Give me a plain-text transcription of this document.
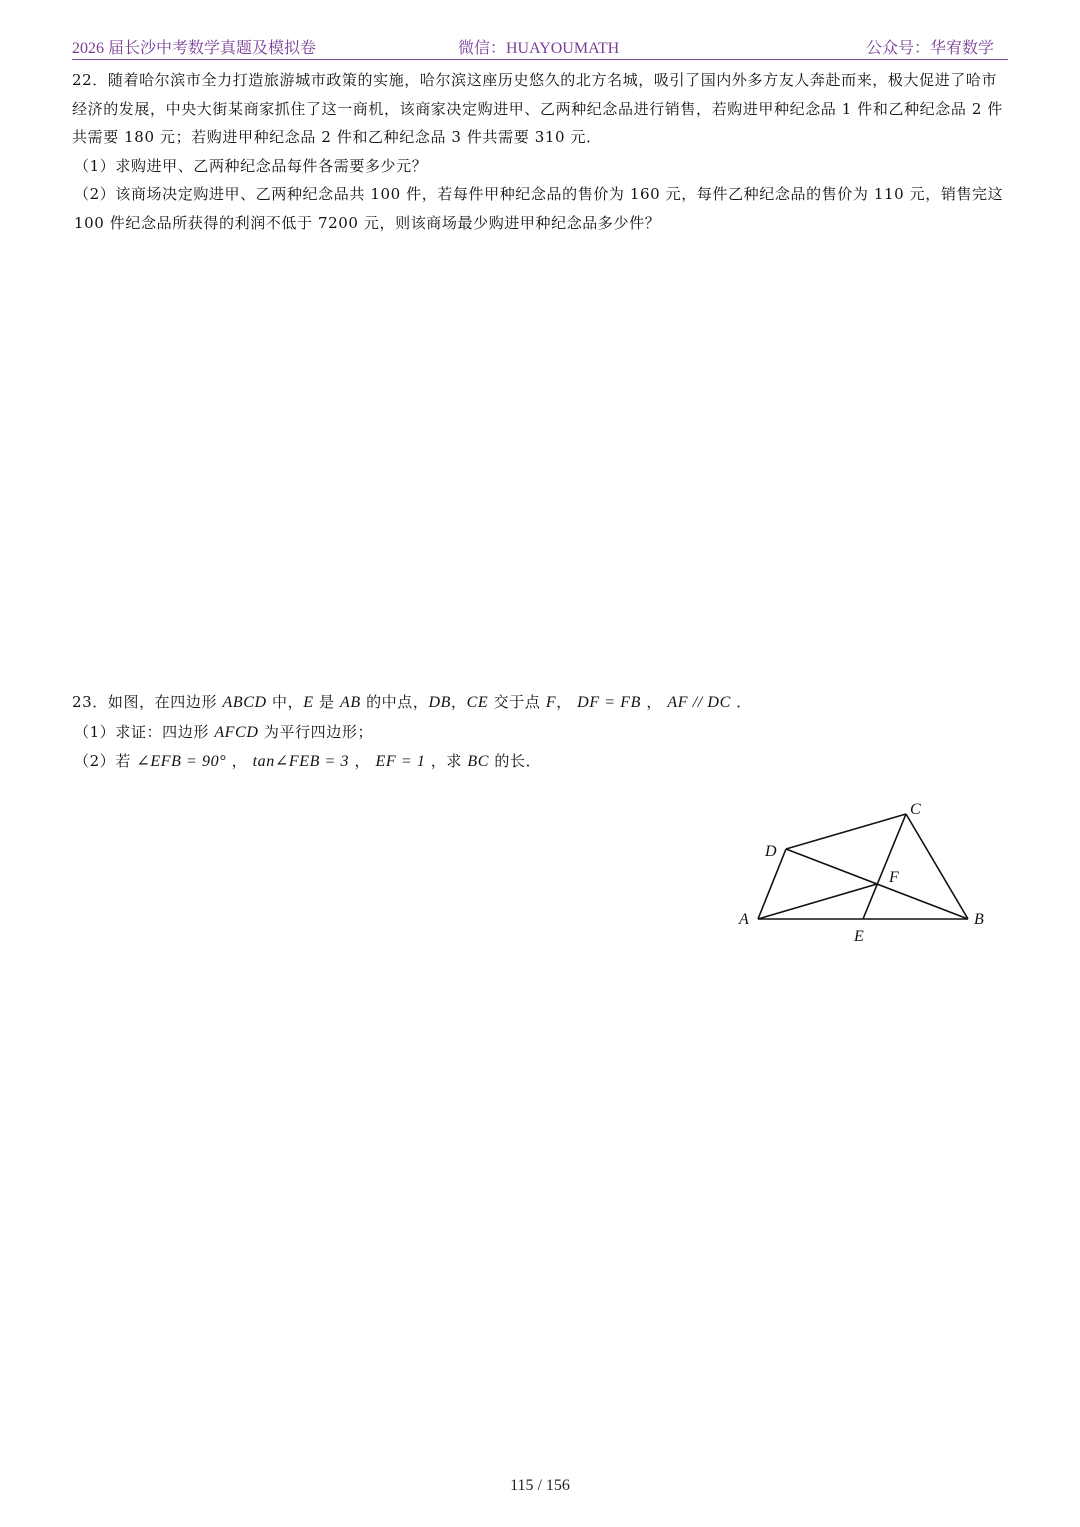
2026 届长沙中考数学真题及模拟卷	微信：HUAYOUMATH	公众号：华宥数学

22．随着哈尔滨市全力打造旅游城市政策的实施，哈尔滨这座历史悠久的北方名城，吸引了国内外多方友人奔赴而来，极大促进了哈市经济的发展，中央大街某商家抓住了这一商机，该商家决定购进甲、乙两种纪念品进行销售，若购进甲种纪念品 1 件和乙种纪念品 2 件共需要 180 元；若购进甲种纪念品 2 件和乙种纪念品 3 件共需要 310 元．

（1）求购进甲、乙两种纪念品每件各需要多少元？

（2）该商场决定购进甲、乙两种纪念品共 100 件，若每件甲种纪念品的售价为 160 元，每件乙种纪念品的售价为 110 元，销售完这 100 件纪念品所获得的利润不低于 7200 元，则该商场最少购进甲种纪念品多少件？

23．如图，在四边形 ABCD 中，E 是 AB 的中点，DB，CE 交于点 F， DF = FB ， AF // DC ．

（1）求证：四边形 AFCD 为平行四边形；

（2）若 ∠EFB = 90° ， tan∠FEB = 3 ， EF = 1 ，求 BC 的长．

A	B
C
D
E
F
115 / 156
